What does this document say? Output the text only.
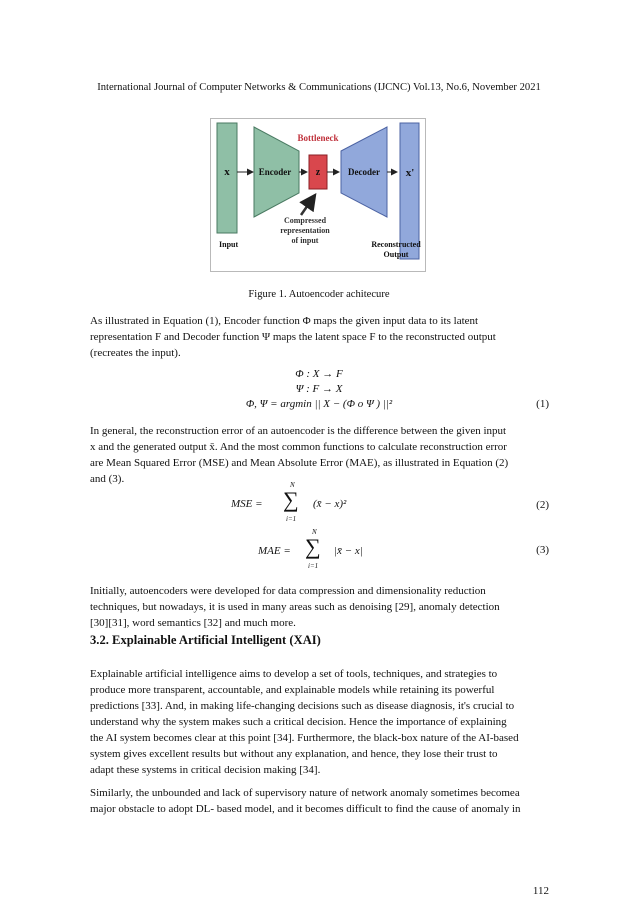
International Journal of Computer Networks & Communications (IJCNC) Vol.13, No.6, November 2021
x	Encoder
Bottleneck
z	Decoder x'
Compressed
representation
of input
Input	Reconstructed
Output
Figure 1. Autoencoder achitecure
As illustrated in Equation (1), Encoder function Φ maps the given input data to its latent
representation F and Decoder function Ψ maps the latent space F to the reconstructed output
(recreates the input).
Φ : X → F
Ψ : F → X
Φ, Ψ = argmin || X − (Φ o Ψ ) ||²	(1)
In general, the reconstruction error of an autoencoder is the difference between the given input
x and the generated output x̄. And the most common functions to calculate reconstruction error
are Mean Squared Error (MSE) and Mean Absolute Error (MAE), as illustrated in Equation (2)
and (3).
MSE =
N
∑
i=1
(x̄ − x)²	(2)
MAE =
N
∑
i=1
|x̄ − x|	(3)
Initially, autoencoders were developed for data compression and dimensionality reduction
techniques, but nowadays, it is used in many areas such as denoising [29], anomaly detection
[30][31], word semantics [32] and much more.
3.2. Explainable Artificial Intelligent (XAI)
Explainable artificial intelligence aims to develop a set of tools, techniques, and strategies to
produce more transparent, accountable, and explainable models while retaining its powerful
predictions [33]. And, in making life-changing decisions such as disease diagnosis, it's crucial to
understand why the system makes such a critical decision. Hence the importance of explaining
the AI system becomes clear at this point [34]. Furthermore, the black-box nature of the AI-based
system gives excellent results but without any explanation, and hence, they lose their trust to
adapt these systems in critical decision making [34].
Similarly, the unbounded and lack of supervisory nature of network anomaly sometimes becomea
major obstacle to adopt DL- based model, and it becomes difficult to find the cause of anomaly in
112
